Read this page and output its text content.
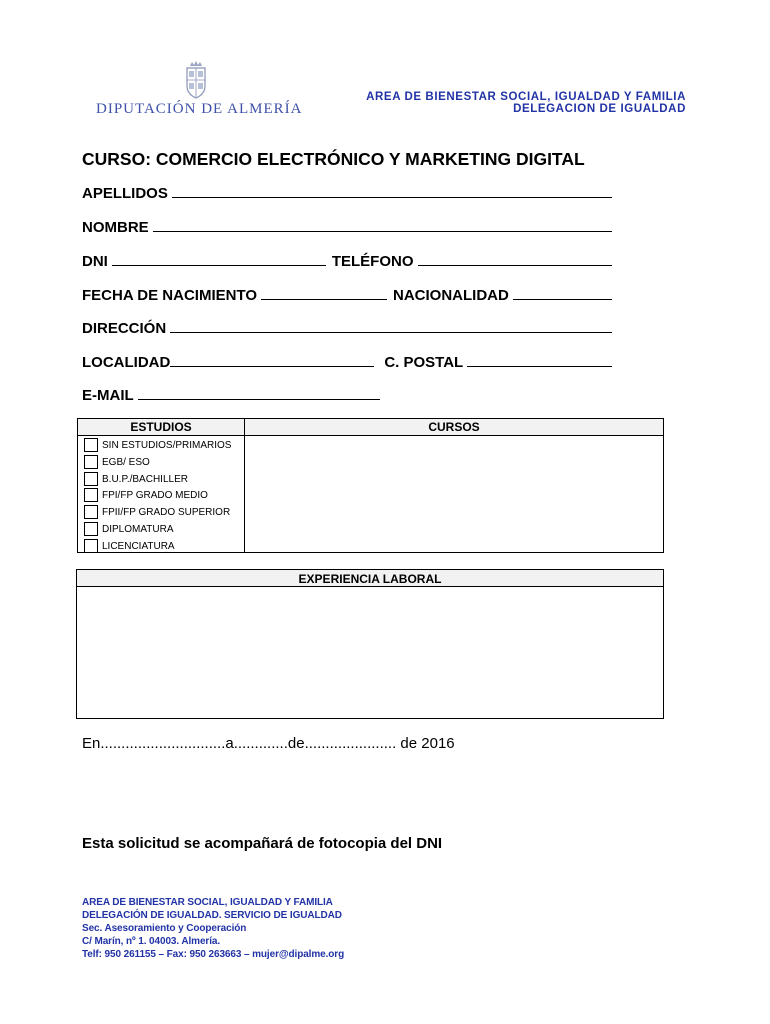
DIPUTACIÓN DE ALMERÍA
AREA DE BIENESTAR SOCIAL, IGUALDAD Y FAMILIA
DELEGACION DE IGUALDAD
CURSO: COMERCIO ELECTRÓNICO Y MARKETING DIGITAL
APELLIDOS
NOMBRE
DNI	TELÉFONO
FECHA DE NACIMIENTO	NACIONALIDAD
DIRECCIÓN
LOCALIDAD	C. POSTAL
E-MAIL
ESTUDIOS	CURSOS
SIN ESTUDIOS/PRIMARIOS
EGB/ ESO
B.U.P./BACHILLER
FPI/FP GRADO MEDIO
FPII/FP GRADO SUPERIOR
DIPLOMATURA
LICENCIATURA
EXPERIENCIA LABORAL
En..............................a.............de...................... de 2016
Esta solicitud se acompañará de fotocopia del DNI
AREA DE BIENESTAR SOCIAL, IGUALDAD Y FAMILIA
DELEGACIÓN DE IGUALDAD. SERVICIO DE IGUALDAD
Sec. Asesoramiento y Cooperación
C/ Marín, nº 1. 04003. Almería.
Telf: 950 261155 – Fax: 950 263663 – mujer@dipalme.org
